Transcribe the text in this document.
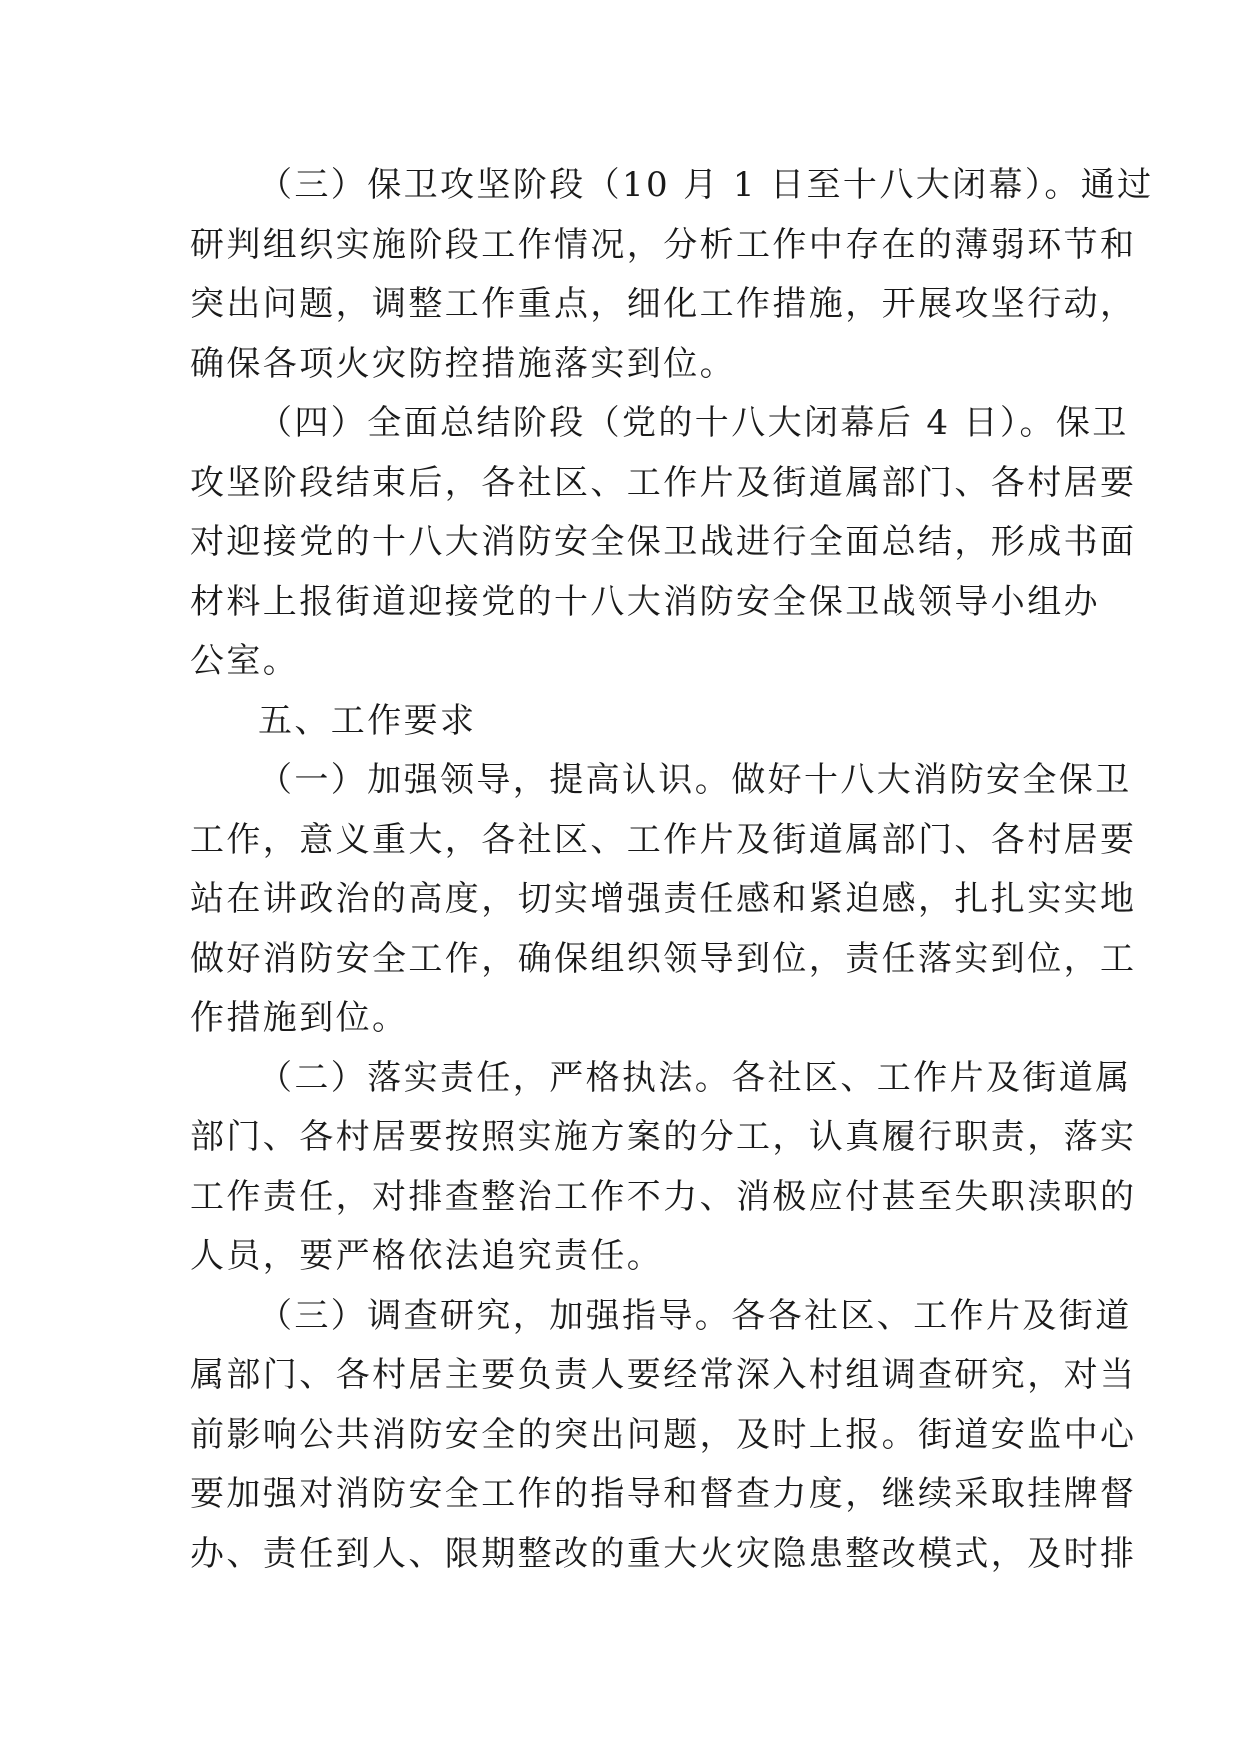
（三）保卫攻坚阶段（10 月 1 日至十八大闭幕）。通过
研判组织实施阶段工作情况，分析工作中存在的薄弱环节和
突出问题，调整工作重点，细化工作措施，开展攻坚行动，
确保各项火灾防控措施落实到位。

（四）全面总结阶段（党的十八大闭幕后 4 日）。保卫
攻坚阶段结束后，各社区、工作片及街道属部门、各村居要
对迎接党的十八大消防安全保卫战进行全面总结，形成书面
材料上报街道迎接党的十八大消防安全保卫战领导小组办
公室。

五、工作要求

（一）加强领导，提高认识。做好十八大消防安全保卫
工作，意义重大，各社区、工作片及街道属部门、各村居要
站在讲政治的高度，切实增强责任感和紧迫感，扎扎实实地
做好消防安全工作，确保组织领导到位，责任落实到位，工
作措施到位。

（二）落实责任，严格执法。各社区、工作片及街道属
部门、各村居要按照实施方案的分工，认真履行职责，落实
工作责任，对排查整治工作不力、消极应付甚至失职渎职的
人员，要严格依法追究责任。

（三）调查研究，加强指导。各各社区、工作片及街道
属部门、各村居主要负责人要经常深入村组调查研究，对当
前影响公共消防安全的突出问题，及时上报。街道安监中心
要加强对消防安全工作的指导和督查力度，继续采取挂牌督
办、责任到人、限期整改的重大火灾隐患整改模式，及时排
